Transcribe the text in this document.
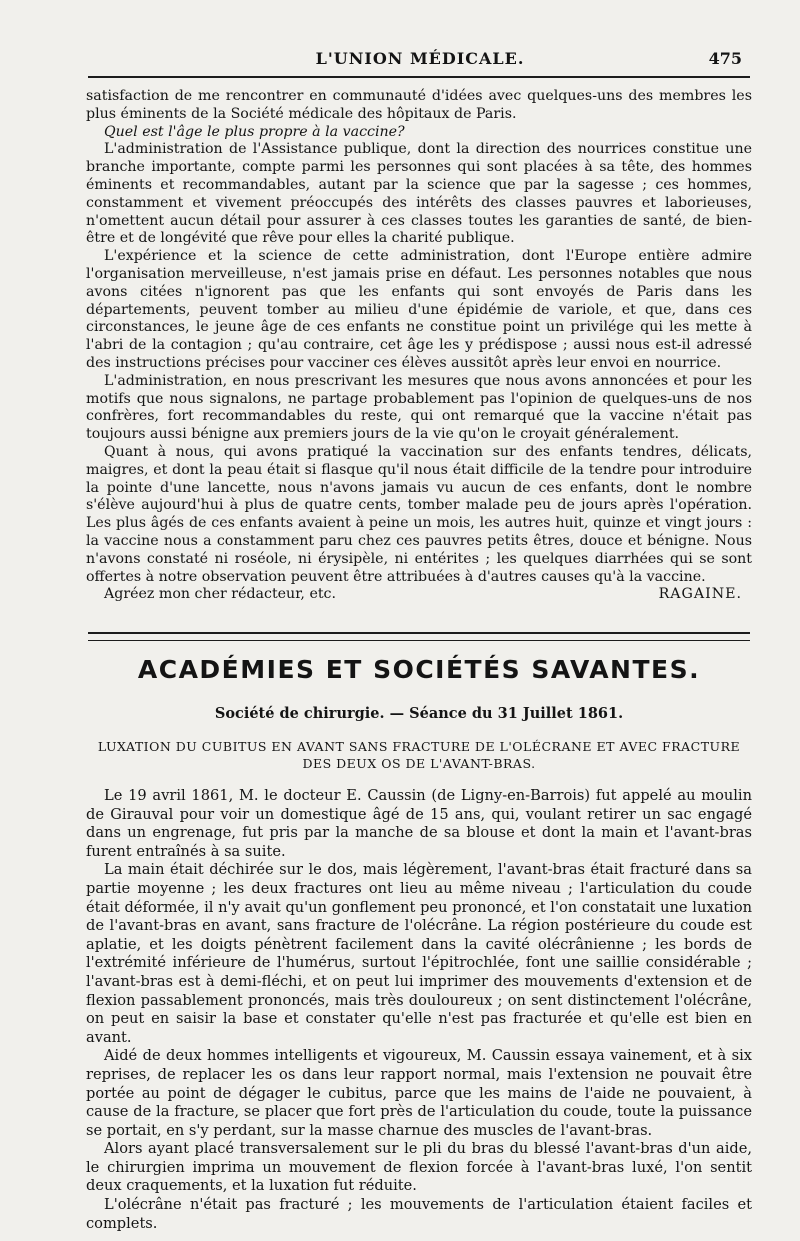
L'UNION MÉDICALE.	475

satisfaction de me rencontrer en communauté d'idées avec quelques-uns des membres les plus éminents de la Société médicale des hôpitaux de Paris.

Quel est l'âge le plus propre à la vaccine?

L'administration de l'Assistance publique, dont la direction des nourrices constitue une branche importante, compte parmi les personnes qui sont placées à sa tête, des hommes éminents et recommandables, autant par la science que par la sagesse ; ces hommes, constamment et vivement préoccupés des intérêts des classes pauvres et laborieuses, n'omettent aucun détail pour assurer à ces classes toutes les garanties de santé, de bien-être et de longévité que rêve pour elles la charité publique.

L'expérience et la science de cette administration, dont l'Europe entière admire l'organisation merveilleuse, n'est jamais prise en défaut. Les personnes notables que nous avons citées n'ignorent pas que les enfants qui sont envoyés de Paris dans les départements, peuvent tomber au milieu d'une épidémie de variole, et que, dans ces circonstances, le jeune âge de ces enfants ne constitue point un privilége qui les mette à l'abri de la contagion ; qu'au contraire, cet âge les y prédispose ; aussi nous est-il adressé des instructions précises pour vacciner ces élèves aussitôt après leur envoi en nourrice.

L'administration, en nous prescrivant les mesures que nous avons annoncées et pour les motifs que nous signalons, ne partage probablement pas l'opinion de quelques-uns de nos confrères, fort recommandables du reste, qui ont remarqué que la vaccine n'était pas toujours aussi bénigne aux premiers jours de la vie qu'on le croyait généralement.

Quant à nous, qui avons pratiqué la vaccination sur des enfants tendres, délicats, maigres, et dont la peau était si flasque qu'il nous était difficile de la tendre pour introduire la pointe d'une lancette, nous n'avons jamais vu aucun de ces enfants, dont le nombre s'élève aujourd'hui à plus de quatre cents, tomber malade peu de jours après l'opération. Les plus âgés de ces enfants avaient à peine un mois, les autres huit, quinze et vingt jours : la vaccine nous a constamment paru chez ces pauvres petits êtres, douce et bénigne. Nous n'avons constaté ni roséole, ni érysipèle, ni entérites ; les quelques diarrhées qui se sont offertes à notre observation peuvent être attribuées à d'autres causes qu'à la vaccine.

Agréez mon cher rédacteur, etc.	RAGAINE.
ACADÉMIES ET SOCIÉTÉS SAVANTES.
Société de chirurgie. — Séance du 31 Juillet 1861.
LUXATION DU CUBITUS EN AVANT SANS FRACTURE DE L'OLÉCRANE ET AVEC FRACTURE DES DEUX OS DE L'AVANT-BRAS.

Le 19 avril 1861, M. le docteur E. Caussin (de Ligny-en-Barrois) fut appelé au moulin de Girauval pour voir un domestique âgé de 15 ans, qui, voulant retirer un sac engagé dans un engrenage, fut pris par la manche de sa blouse et dont la main et l'avant-bras furent entraînés à sa suite.

La main était déchirée sur le dos, mais légèrement, l'avant-bras était fracturé dans sa partie moyenne ; les deux fractures ont lieu au même niveau ; l'articulation du coude était déformée, il n'y avait qu'un gonflement peu prononcé, et l'on constatait une luxation de l'avant-bras en avant, sans fracture de l'olécrâne. La région postérieure du coude est aplatie, et les doigts pénètrent facilement dans la cavité olécrânienne ; les bords de l'extrémité inférieure de l'humérus, surtout l'épitrochlée, font une saillie considérable ; l'avant-bras est à demi-fléchi, et on peut lui imprimer des mouvements d'extension et de flexion passablement prononcés, mais très douloureux ; on sent distinctement l'olécrâne, on peut en saisir la base et constater qu'elle n'est pas fracturée et qu'elle est bien en avant.

Aidé de deux hommes intelligents et vigoureux, M. Caussin essaya vainement, et à six reprises, de replacer les os dans leur rapport normal, mais l'extension ne pouvait être portée au point de dégager le cubitus, parce que les mains de l'aide ne pouvaient, à cause de la fracture, se placer que fort près de l'articulation du coude, toute la puissance se portait, en s'y perdant, sur la masse charnue des muscles de l'avant-bras.

Alors ayant placé transversalement sur le pli du bras du blessé l'avant-bras d'un aide, le chirurgien imprima un mouvement de flexion forcée à l'avant-bras luxé, l'on sentit deux craquements, et la luxation fut réduite.

L'olécrâne n'était pas fracturé ; les mouvements de l'articulation étaient faciles et complets.
